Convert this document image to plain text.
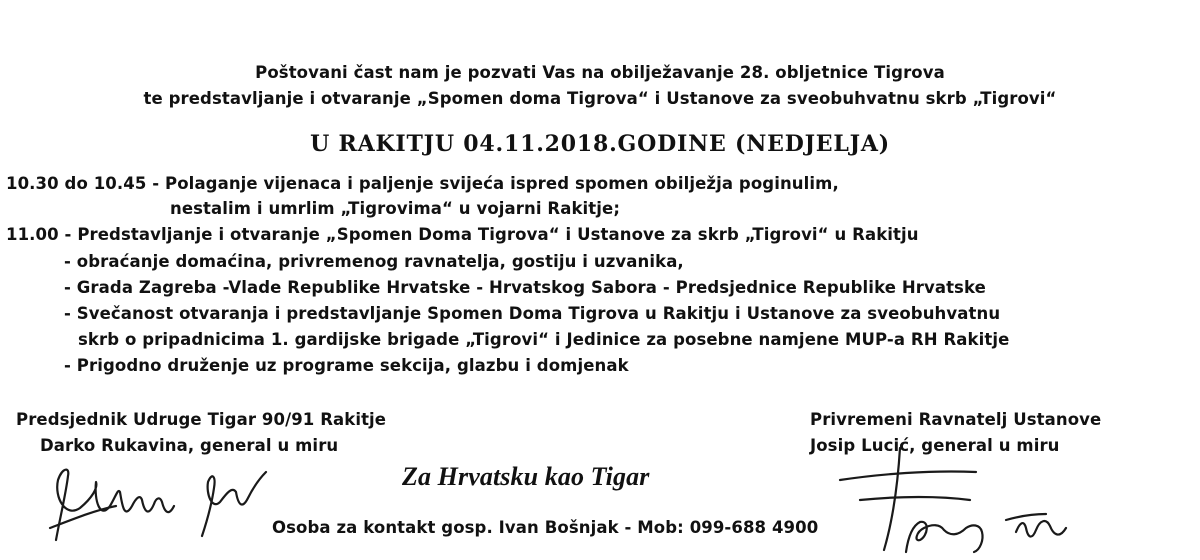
Poštovani čast nam je pozvati Vas na obilježavanje 28. obljetnice Tigrova
te predstavljanje i otvaranje „Spomen doma Tigrova“ i Ustanove za sveobuhvatnu skrb „Tigrovi“
U RAKITJU 04.11.2018.GODINE (NEDJELJA)
10.30 do 10.45 - Polaganje vijenaca i paljenje svijeća ispred spomen obilježja poginulim,
nestalim i umrlim „Tigrovima“ u vojarni Rakitje;
11.00 - Predstavljanje i otvaranje „Spomen Doma Tigrova“ i Ustanove za skrb „Tigrovi“ u Rakitju
- obraćanje domaćina, privremenog ravnatelja, gostiju i uzvanika,
- Grada Zagreba -Vlade Republike Hrvatske - Hrvatskog Sabora - Predsjednice Republike Hrvatske
- Svečanost otvaranja i predstavljanje Spomen Doma Tigrova u Rakitju i Ustanove za sveobuhvatnu
skrb o pripadnicima 1. gardijske brigade „Tigrovi“ i Jedinice za posebne namjene MUP-a RH Rakitje
- Prigodno druženje uz programe sekcija, glazbu i domjenak
Predsjednik Udruge Tigar 90/91 Rakitje
Darko Rukavina, general u miru
Privremeni Ravnatelj Ustanove
Josip Lucić, general u miru
Za Hrvatsku kao Tigar
Osoba za kontakt gosp. Ivan Bošnjak - Mob: 099-688 4900
